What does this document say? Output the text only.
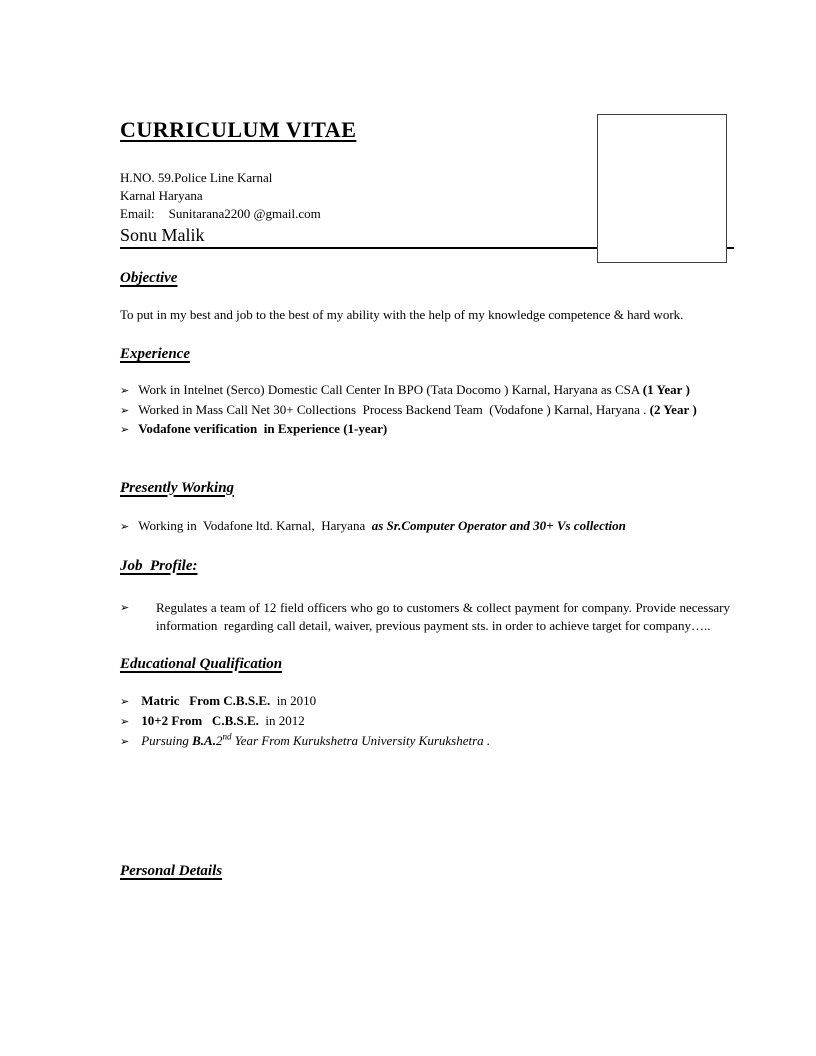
CURRICULUM VITAE
H.NO. 59.Police Line Karnal
Karnal Haryana
Email: Sunitarana2200 @gmail.com
Sonu Malik
Objective
To put in my best and job to the best of my ability with the help of my knowledge competence & hard work.
Experience
➢ Work in Intelnet (Serco) Domestic Call Center In BPO (Tata Docomo ) Karnal, Haryana as CSA (1 Year )
➢ Worked in Mass Call Net 30+ Collections  Process Backend Team  (Vodafone ) Karnal, Haryana . (2 Year )
➢ Vodafone verification  in Experience (1-year)
Presently Working
➢ Working in  Vodafone ltd. Karnal,  Haryana  as Sr.Computer Operator and 30+ Vs collection
Job  Profile:
➢	Regulates a team of 12 field officers who go to customers & collect payment for company. Provide necessary information  regarding call detail, waiver, previous payment sts. in order to achieve target for company…..
Educational Qualification
➢ Matric   From C.B.S.E.  in 2010
➢ 10+2 From   C.B.S.E.  in 2012
➢ Pursuing B.A.2nd Year From Kurukshetra University Kurukshetra .
Personal Details
